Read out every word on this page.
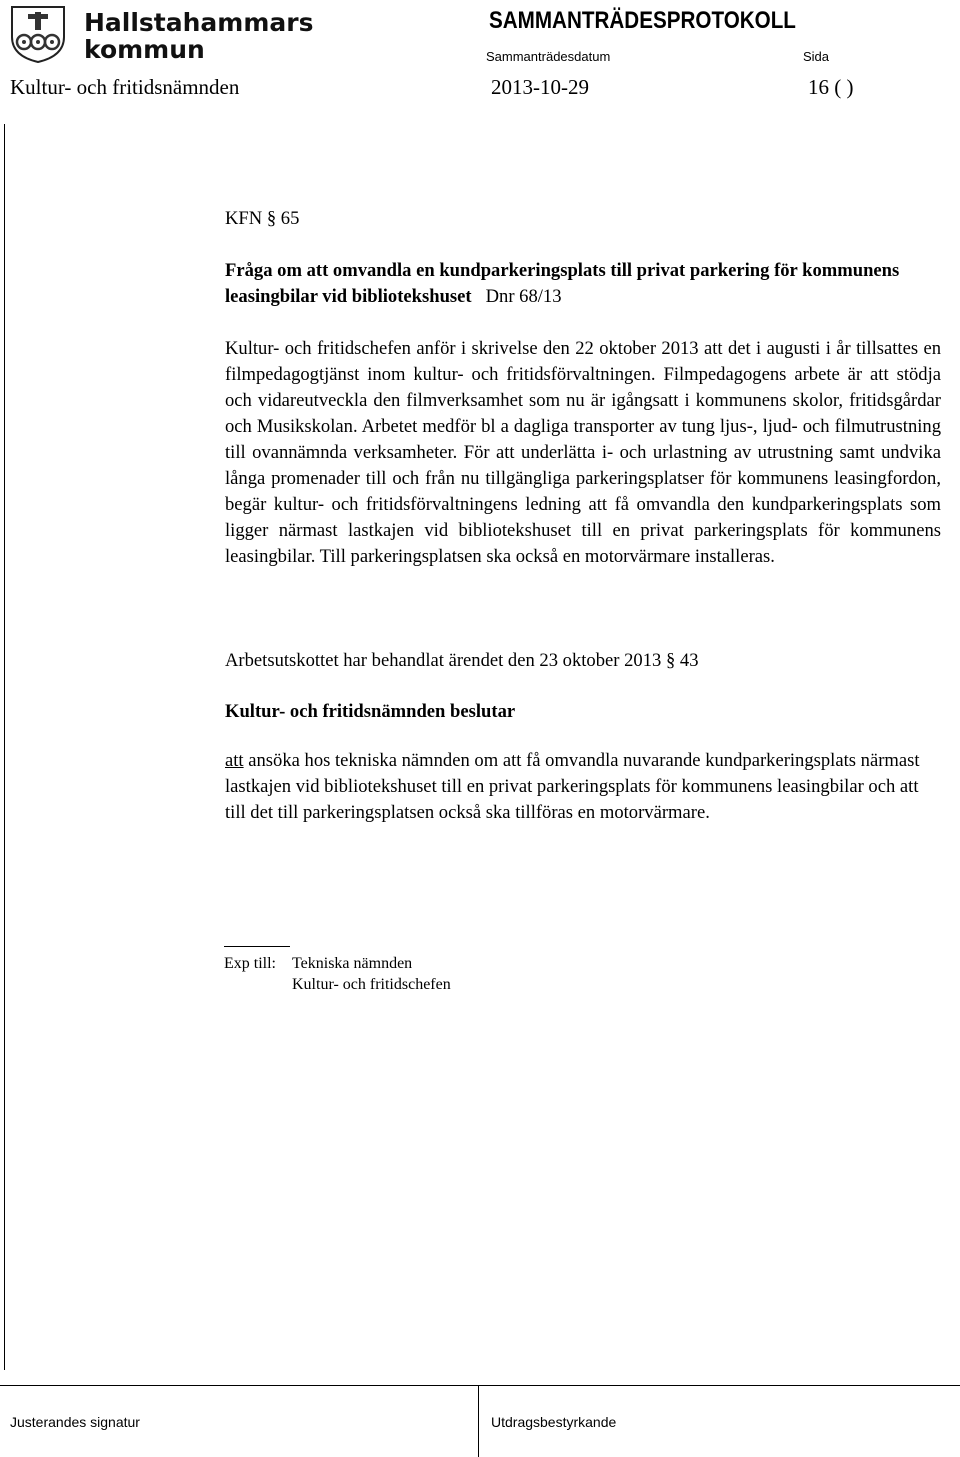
Hallstahammars
kommun
SAMMANTRÄDESPROTOKOLL
Sammanträdesdatum	Sida
Kultur- och fritidsnämnden	2013-10-29	16 ( )
KFN § 65
Fråga om att omvandla en kundparkeringsplats till privat parkering för kommunens leasingbilar vid bibliotekshuset Dnr 68/13
Kultur- och fritidschefen anför i skrivelse den 22 oktober 2013 att det i augusti i år tillsattes en filmpedagogtjänst inom kultur- och fritidsförvaltningen. Filmpedagogens arbete är att stödja och vidareutveckla den filmverksamhet som nu är igångsatt i kommunens skolor, fritidsgårdar och Musikskolan. Arbetet medför bl a dagliga transporter av tung ljus-, ljud- och filmutrustning till ovannämnda verksamheter. För att underlätta i- och urlastning av utrustning samt undvika långa promenader till och från nu tillgängliga parkeringsplatser för kommunens leasingfordon, begär kultur- och fritidsförvaltningens ledning att få omvandla den kundparkeringsplats som ligger närmast lastkajen vid bibliotekshuset till en privat parkeringsplats för kommunens leasingbilar. Till parkeringsplatsen ska också en motorvärmare installeras.
Arbetsutskottet har behandlat ärendet den 23 oktober 2013 § 43
Kultur- och fritidsnämnden beslutar
att ansöka hos tekniska nämnden om att få omvandla nuvarande kundparkeringsplats närmast lastkajen vid bibliotekshuset till en privat parkeringsplats för kommunens leasingbilar och att till det till parkeringsplatsen också ska tillföras en motorvärmare.
Exp till:	Tekniska nämnden
Kultur- och fritidschefen
Justerandes signatur	Utdragsbestyrkande
